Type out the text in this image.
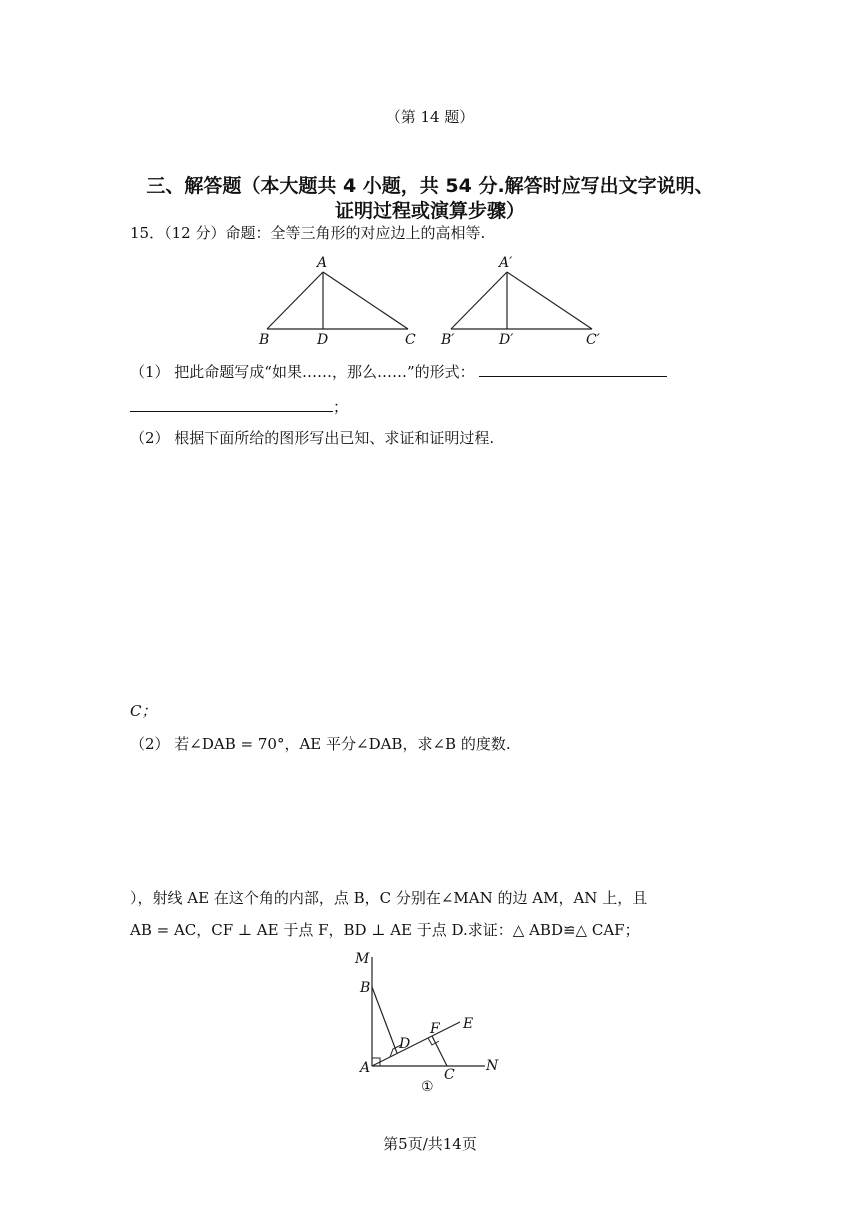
（第 14 题）
三、解答题（本大题共 4 小题，共 54 分.解答时应写出文字说明、
证明过程或演算步骤）
15．（12 分）命题：全等三角形的对应边上的高相等.
A
B	D	C
A′
B′	D′	C′
（1） 把此命题写成“如果……，那么……”的形式：
；
（2） 根据下面所给的图形写出已知、求证和证明过程.
C；
（2） 若∠DAB = 70°，AE 平分∠DAB，求∠B 的度数.
），射线 AE 在这个角的内部，点 B，C 分别在∠MAN 的边 AM，AN 上，且
AB = AC，CF ⊥ AE 于点 F，BD ⊥ AE 于点 D.求证：△ ABD≌△ CAF；
M
B
F E
D
A	C
N
①
第5页/共14页
